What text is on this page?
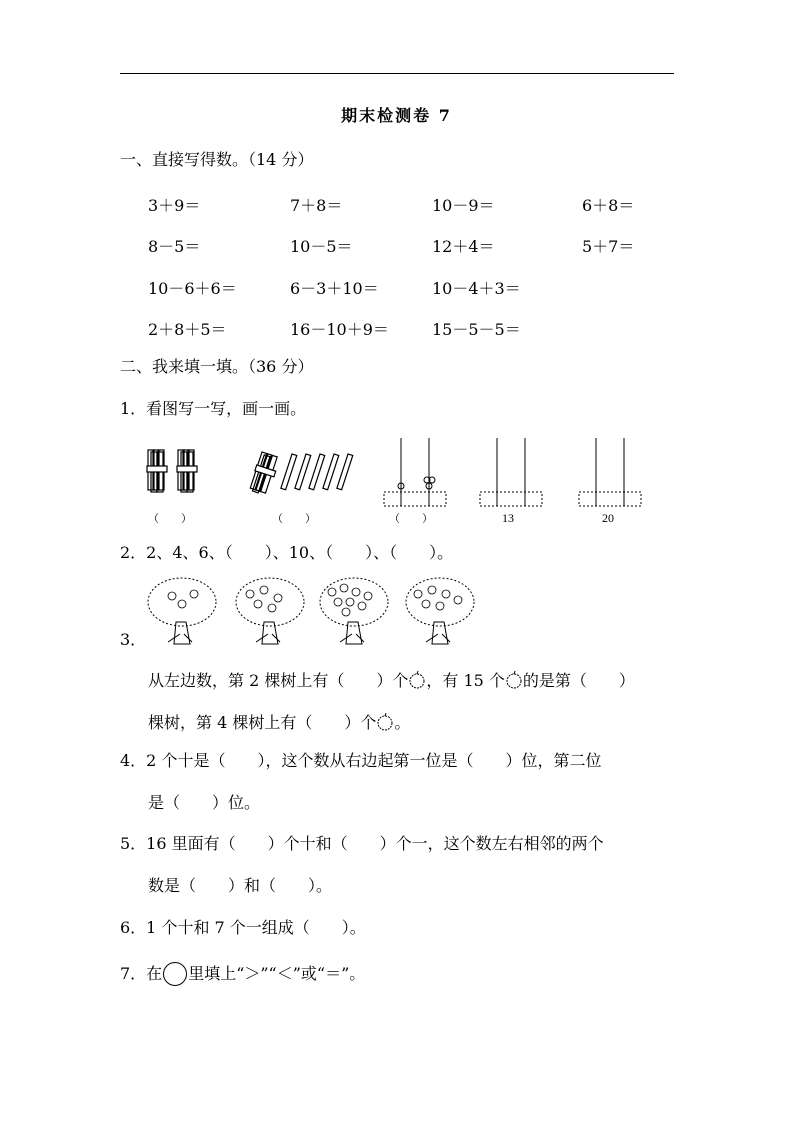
期末检测卷 7
一、直接写得数。（14 分）
3＋9＝	7＋8＝	10－9＝	6＋8＝
8－5＝	10－5＝	12＋4＝	5＋7＝
10－6＋6＝	6－3＋10＝	10－4＋3＝
2＋8＋5＝	16－10＋9＝	15－5－5＝
二、我来填一填。（36 分）
1．看图写一写，画一画。
（　　）	（　　）	（　　）	13	20
2．2、4、6、（　　）、10、（　　）、（　　）。
3．
从左边数，第 2 棵树上有（　　）个 ，有 15 个 的是第（　　）
棵树，第 4 棵树上有（　　）个 。
4．2 个十是（　　），这个数从右边起第一位是（　　）位，第二位
是（　　）位。
5．16 里面有（　　）个十和（　　）个一，这个数左右相邻的两个
数是（　　）和（　　）。
6．1 个十和 7 个一组成（　　）。
7．在 里填上“＞”“＜”或“＝”。
